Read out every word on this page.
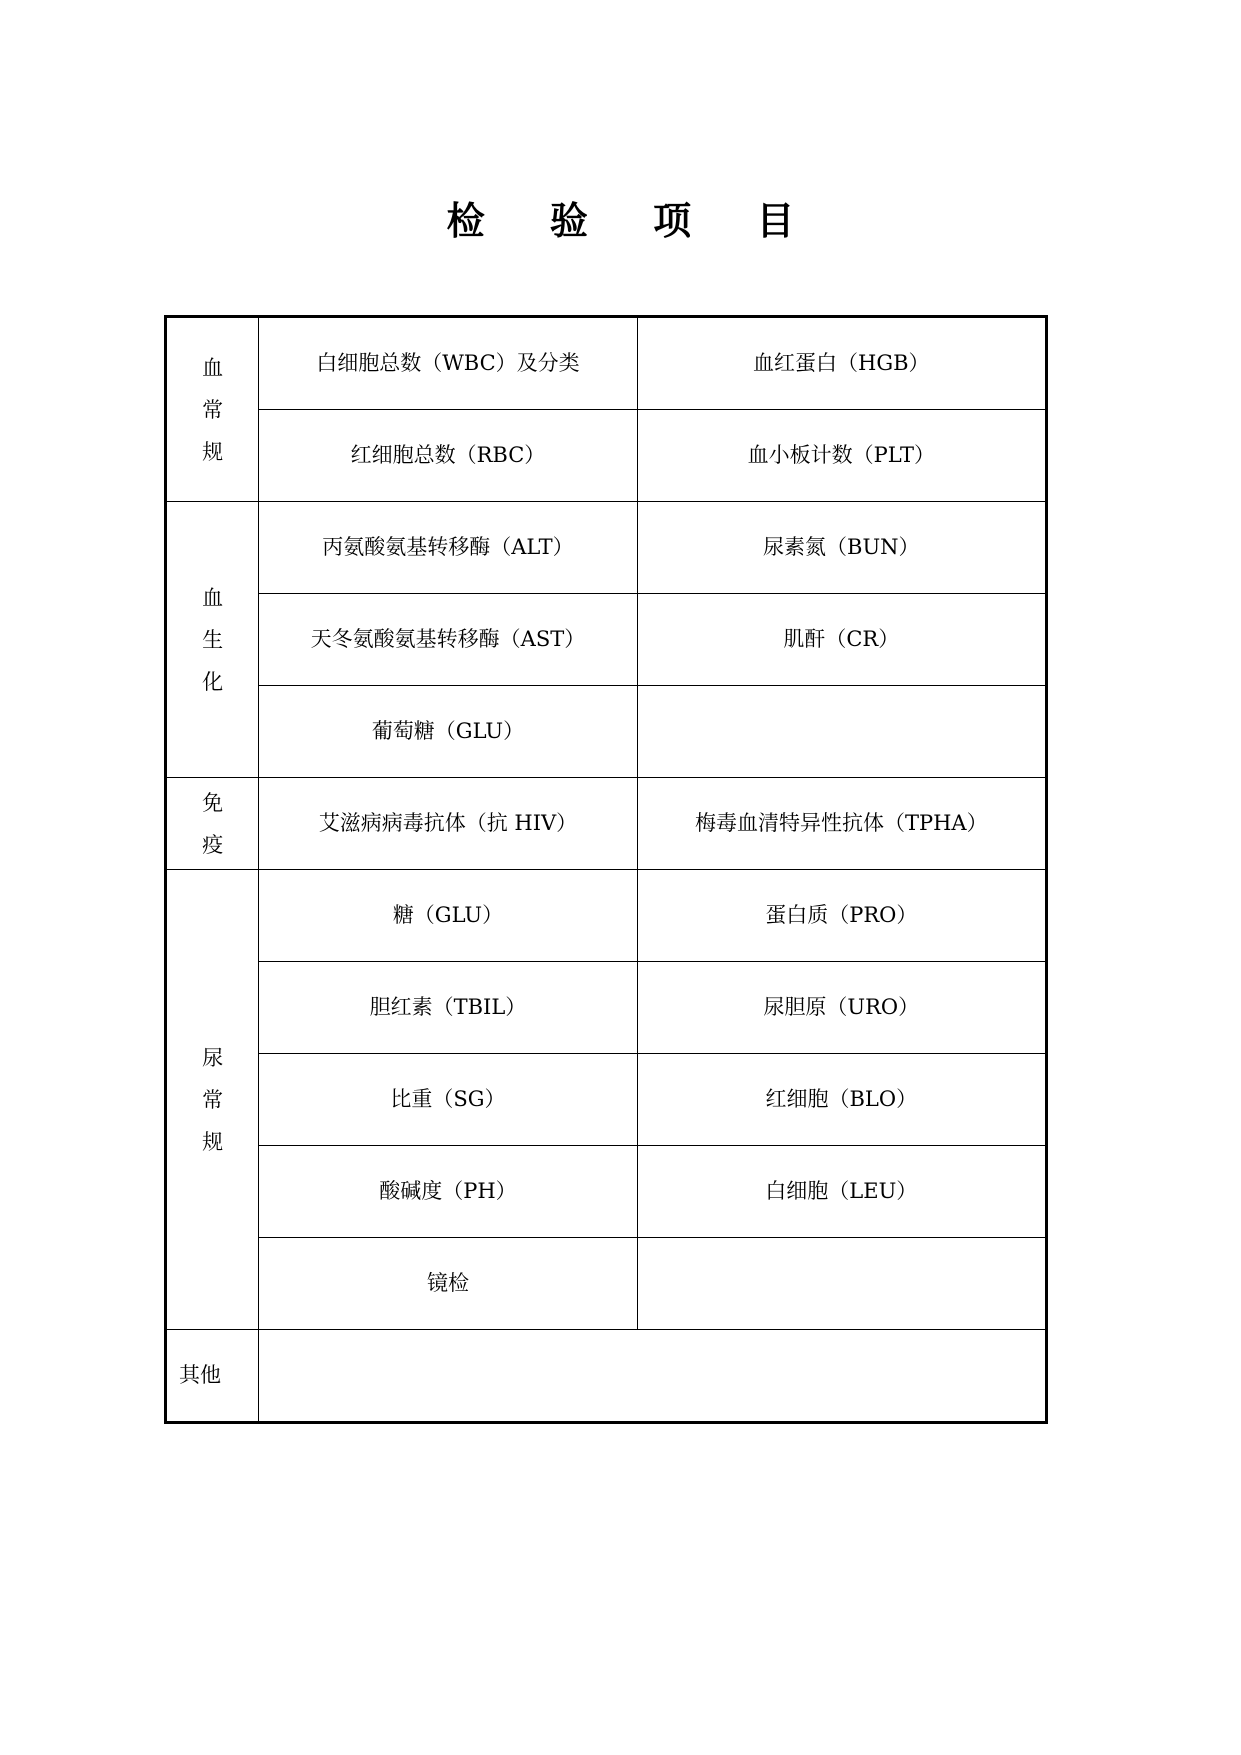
检 验 项 目
血
常
规	白细胞总数（WBC）及分类	血红蛋白（HGB）
	红细胞总数（RBC）	血小板计数（PLT）

血
生
化	丙氨酸氨基转移酶（ALT）	尿素氮（BUN）
	天冬氨酸氨基转移酶（AST）	肌酐（CR）
	葡萄糖（GLU）	

免
疫	艾滋病病毒抗体（抗 HIV）	梅毒血清特异性抗体（TPHA）

尿
常
规	糖（GLU）	蛋白质（PRO）
	胆红素（TBIL）	尿胆原（URO）
	比重（SG）	红细胞（BLO）
	酸碱度（PH）	白细胞（LEU）
	镜检	

其他		
